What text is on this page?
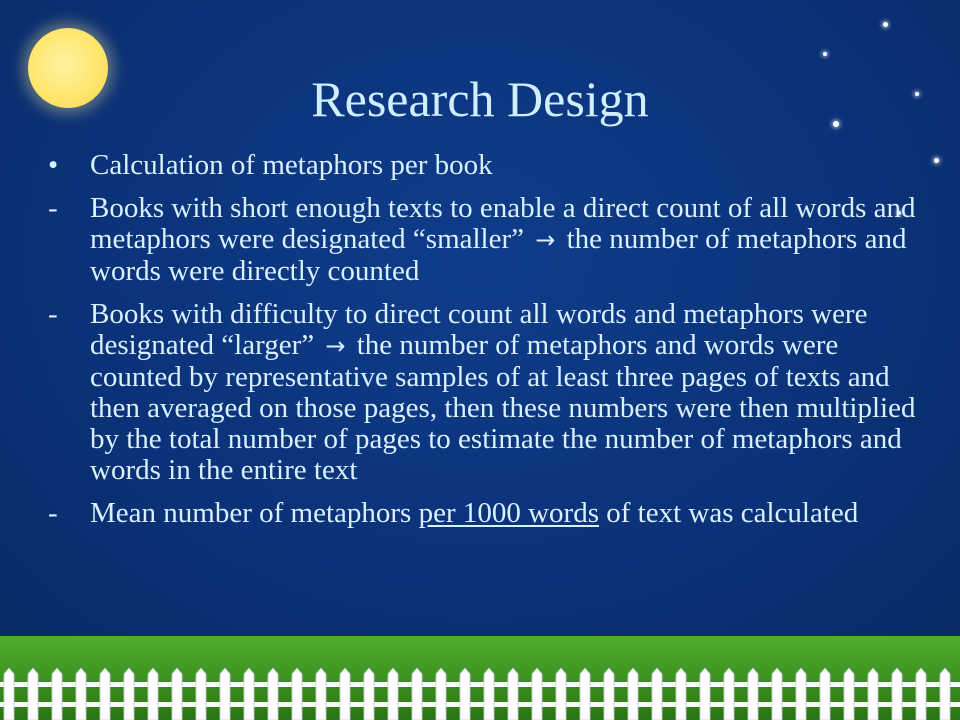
Research Design
•	Calculation of metaphors per book
-	Books with short enough texts to enable a direct count of all words and metaphors were designated “smaller” → the number of metaphors and words were directly counted
-	Books with difficulty to direct count all words and metaphors were designated “larger” → the number of metaphors and words were counted by representative samples of at least three pages of texts and then averaged on those pages, then these numbers were then multiplied by the total number of pages to estimate the number of metaphors and words in the entire text
-	Mean number of metaphors per 1000 words of text was calculated
